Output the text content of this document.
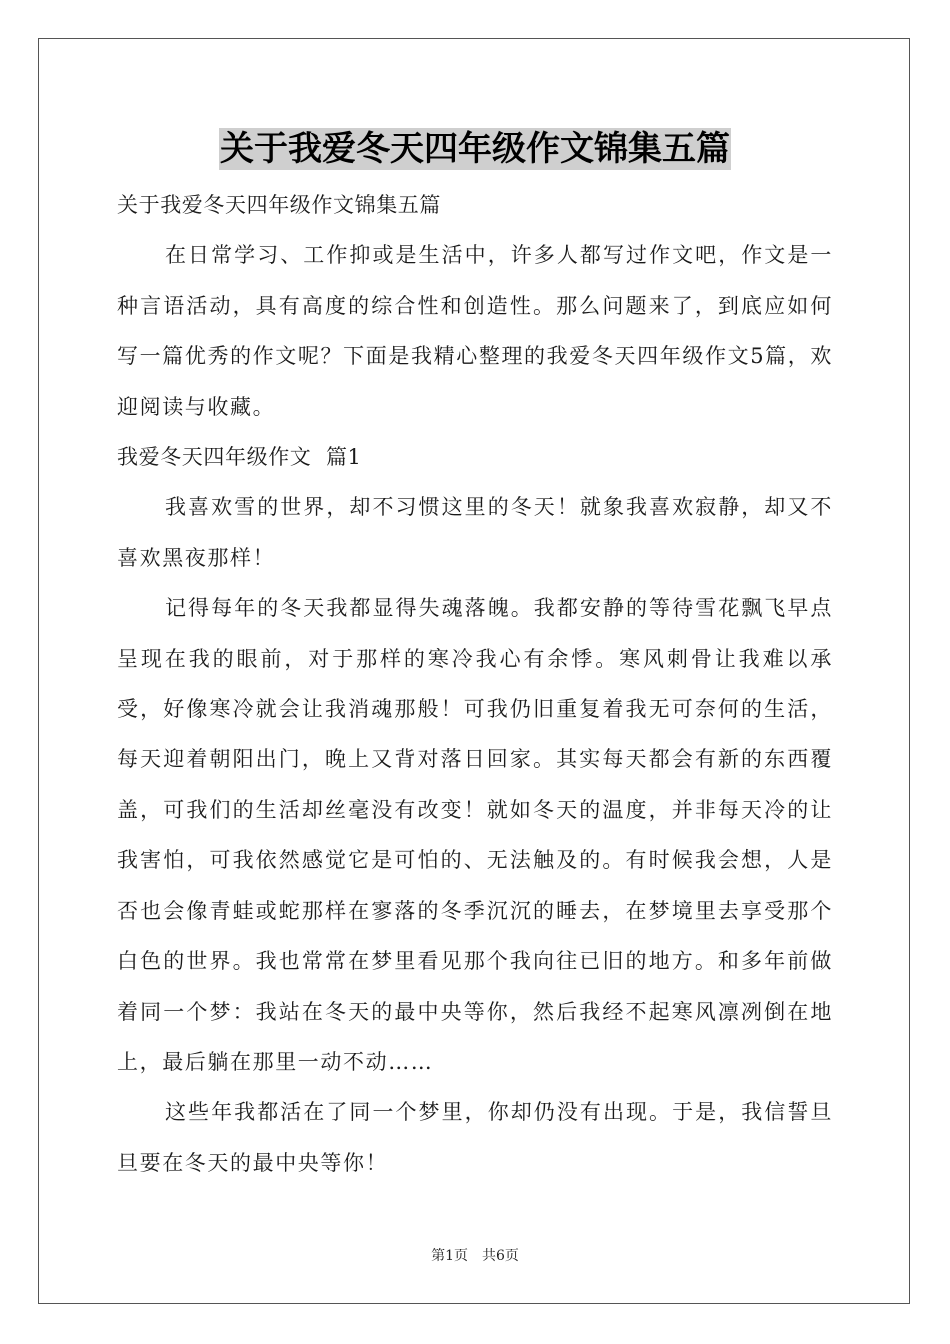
关于我爱冬天四年级作文锦集五篇

关于我爱冬天四年级作文锦集五篇

在日常学习、工作抑或是生活中，许多人都写过作文吧，作文是一种言语活动，具有高度的综合性和创造性。那么问题来了，到底应如何写一篇优秀的作文呢？下面是我精心整理的我爱冬天四年级作文5篇，欢迎阅读与收藏。

我爱冬天四年级作文  篇1

我喜欢雪的世界，却不习惯这里的冬天！就象我喜欢寂静，却又不喜欢黑夜那样！

记得每年的冬天我都显得失魂落魄。我都安静的等待雪花飘飞早点呈现在我的眼前，对于那样的寒冷我心有余悸。寒风刺骨让我难以承受，好像寒冷就会让我消魂那般！可我仍旧重复着我无可奈何的生活，每天迎着朝阳出门，晚上又背对落日回家。其实每天都会有新的东西覆盖，可我们的生活却丝毫没有改变！就如冬天的温度，并非每天冷的让我害怕，可我依然感觉它是可怕的、无法触及的。有时候我会想，人是否也会像青蛙或蛇那样在寥落的冬季沉沉的睡去，在梦境里去享受那个白色的世界。我也常常在梦里看见那个我向往已旧的地方。和多年前做着同一个梦：我站在冬天的最中央等你，然后我经不起寒风凛冽倒在地上，最后躺在那里一动不动……

这些年我都活在了同一个梦里，你却仍没有出现。于是，我信誓旦旦要在冬天的最中央等你！

第1页 共6页
